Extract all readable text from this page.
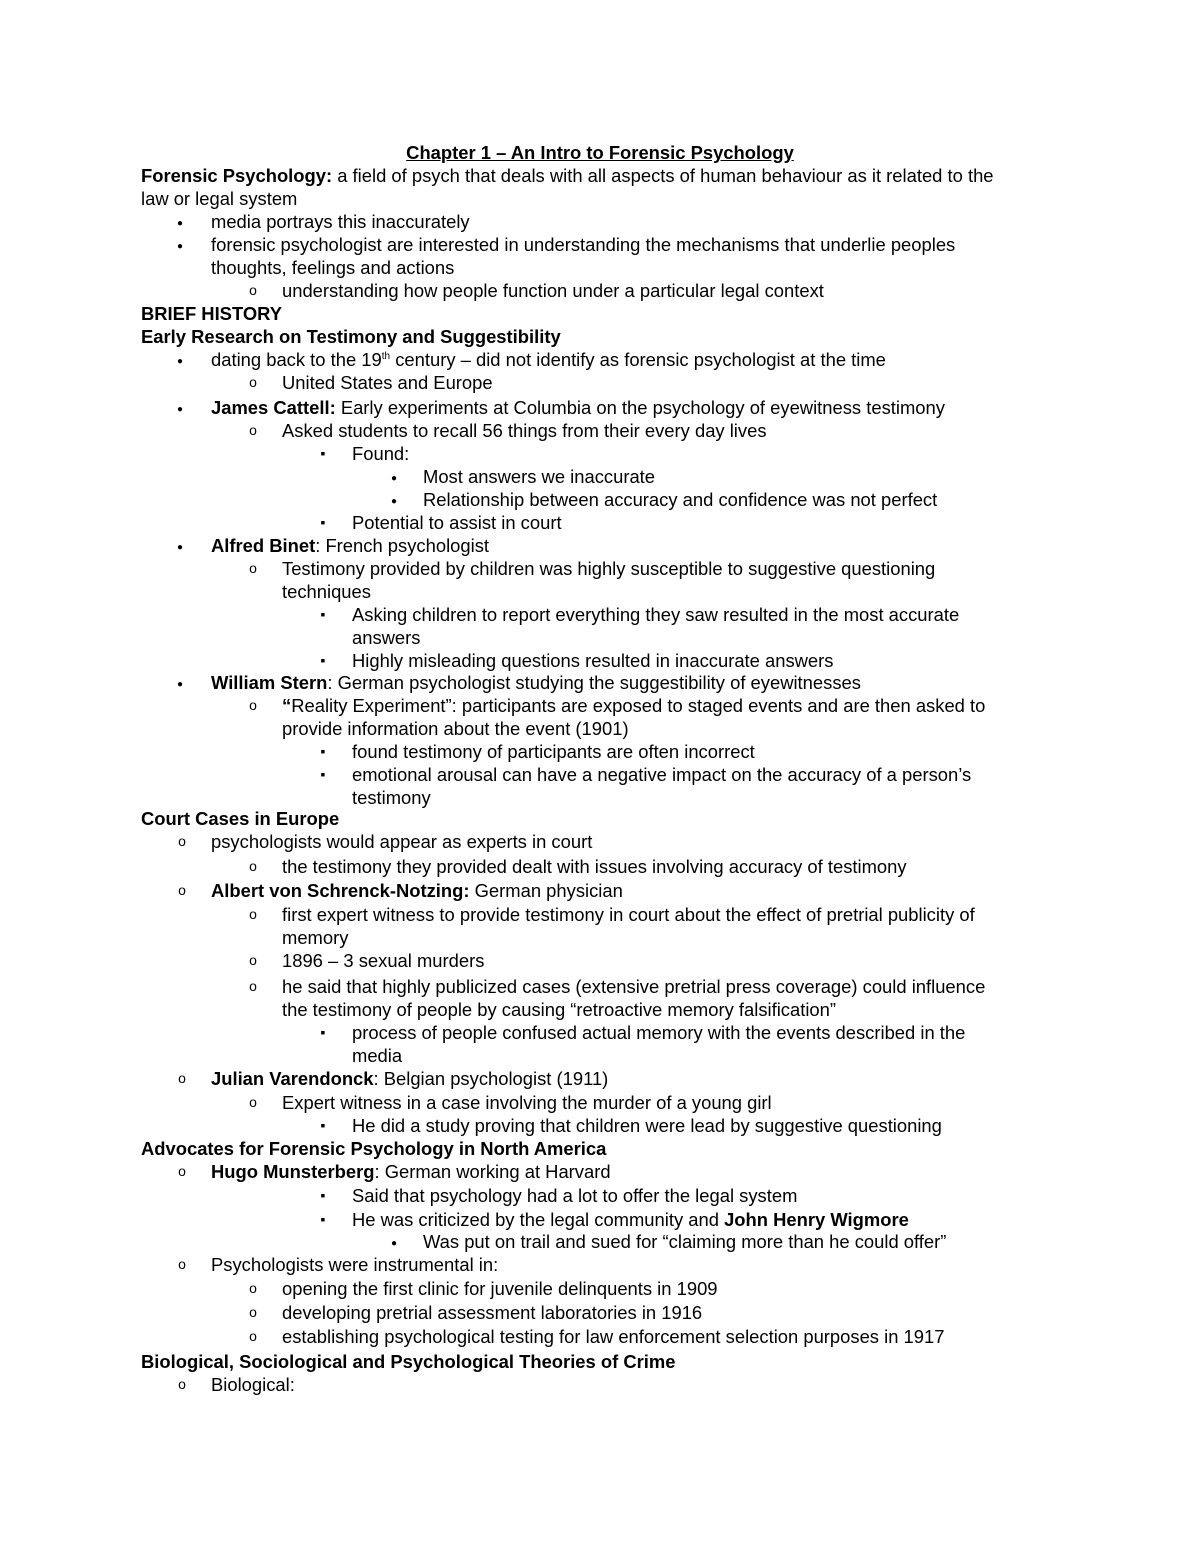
Chapter 1 – An Intro to Forensic Psychology
Forensic Psychology: a field of psych that deals with all aspects of human behaviour as it related to the
law or legal system
●
media portrays this inaccurately
●
forensic psychologist are interested in understanding the mechanisms that underlie peoples
thoughts, feelings and actions
o
understanding how people function under a particular legal context
BRIEF HISTORY
Early Research on Testimony and Suggestibility
●
dating back to the 19th century – did not identify as forensic psychologist at the time
o
United States and Europe
●
James Cattell: Early experiments at Columbia on the psychology of eyewitness testimony
o
Asked students to recall 56 things from their every day lives
▪
Found:
●
Most answers we inaccurate
●
Relationship between accuracy and confidence was not perfect
▪
Potential to assist in court
●
Alfred Binet: French psychologist
o
Testimony provided by children was highly susceptible to suggestive questioning
techniques
▪
Asking children to report everything they saw resulted in the most accurate
answers
▪
Highly misleading questions resulted in inaccurate answers
●
William Stern: German psychologist studying the suggestibility of eyewitnesses
o
“Reality Experiment”: participants are exposed to staged events and are then asked to
provide information about the event (1901)
▪
found testimony of participants are often incorrect
▪
emotional arousal can have a negative impact on the accuracy of a person’s
testimony
Court Cases in Europe
o
psychologists would appear as experts in court
o
the testimony they provided dealt with issues involving accuracy of testimony
o
Albert von Schrenck-Notzing: German physician
o
first expert witness to provide testimony in court about the effect of pretrial publicity of
memory
o
1896 – 3 sexual murders
o
he said that highly publicized cases (extensive pretrial press coverage) could influence
the testimony of people by causing “retroactive memory falsification”
▪
process of people confused actual memory with the events described in the
media
o
Julian Varendonck: Belgian psychologist (1911)
o
Expert witness in a case involving the murder of a young girl
▪
He did a study proving that children were lead by suggestive questioning
Advocates for Forensic Psychology in North America
o
Hugo Munsterberg: German working at Harvard
▪
Said that psychology had a lot to offer the legal system
▪
He was criticized by the legal community and John Henry Wigmore
●
Was put on trail and sued for “claiming more than he could offer”
o
Psychologists were instrumental in:
o
opening the first clinic for juvenile delinquents in 1909
o
developing pretrial assessment laboratories in 1916
o
establishing psychological testing for law enforcement selection purposes in 1917
Biological, Sociological and Psychological Theories of Crime
o
Biological:
